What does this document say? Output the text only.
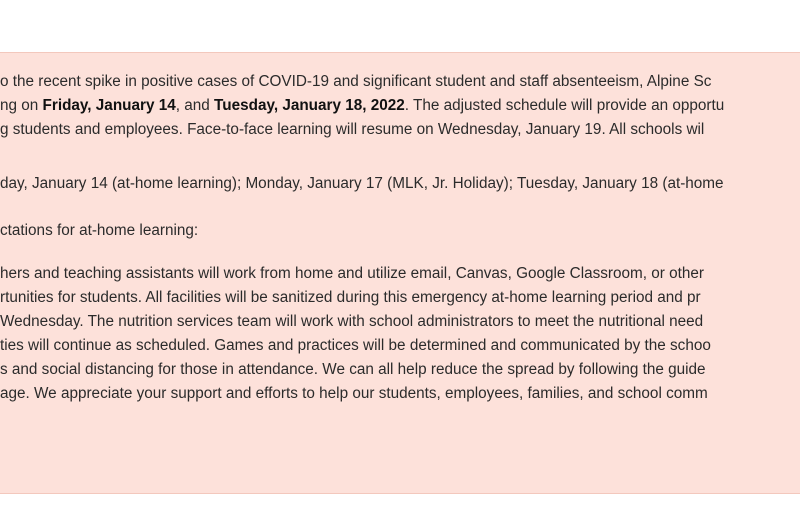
o the recent spike in positive cases of COVID-19 and significant student and staff absenteeism, Alpine Sc
ng on Friday, January 14, and Tuesday, January 18, 2022. The adjusted schedule will provide an opportu
g students and employees. Face-to-face learning will resume on Wednesday, January 19. All schools wil
day, January 14 (at-home learning); Monday, January 17 (MLK, Jr. Holiday); Tuesday, January 18 (at-home
ctations for at-home learning:
hers and teaching assistants will work from home and utilize email, Canvas, Google Classroom, or other
rtunities for students. All facilities will be sanitized during this emergency at-home learning period and pr
Wednesday. The nutrition services team will work with school administrators to meet the nutritional need
ties will continue as scheduled. Games and practices will be determined and communicated by the schoo
s and social distancing for those in attendance. We can all help reduce the spread by following the guide
age. We appreciate your support and efforts to help our students, employees, families, and school comm
